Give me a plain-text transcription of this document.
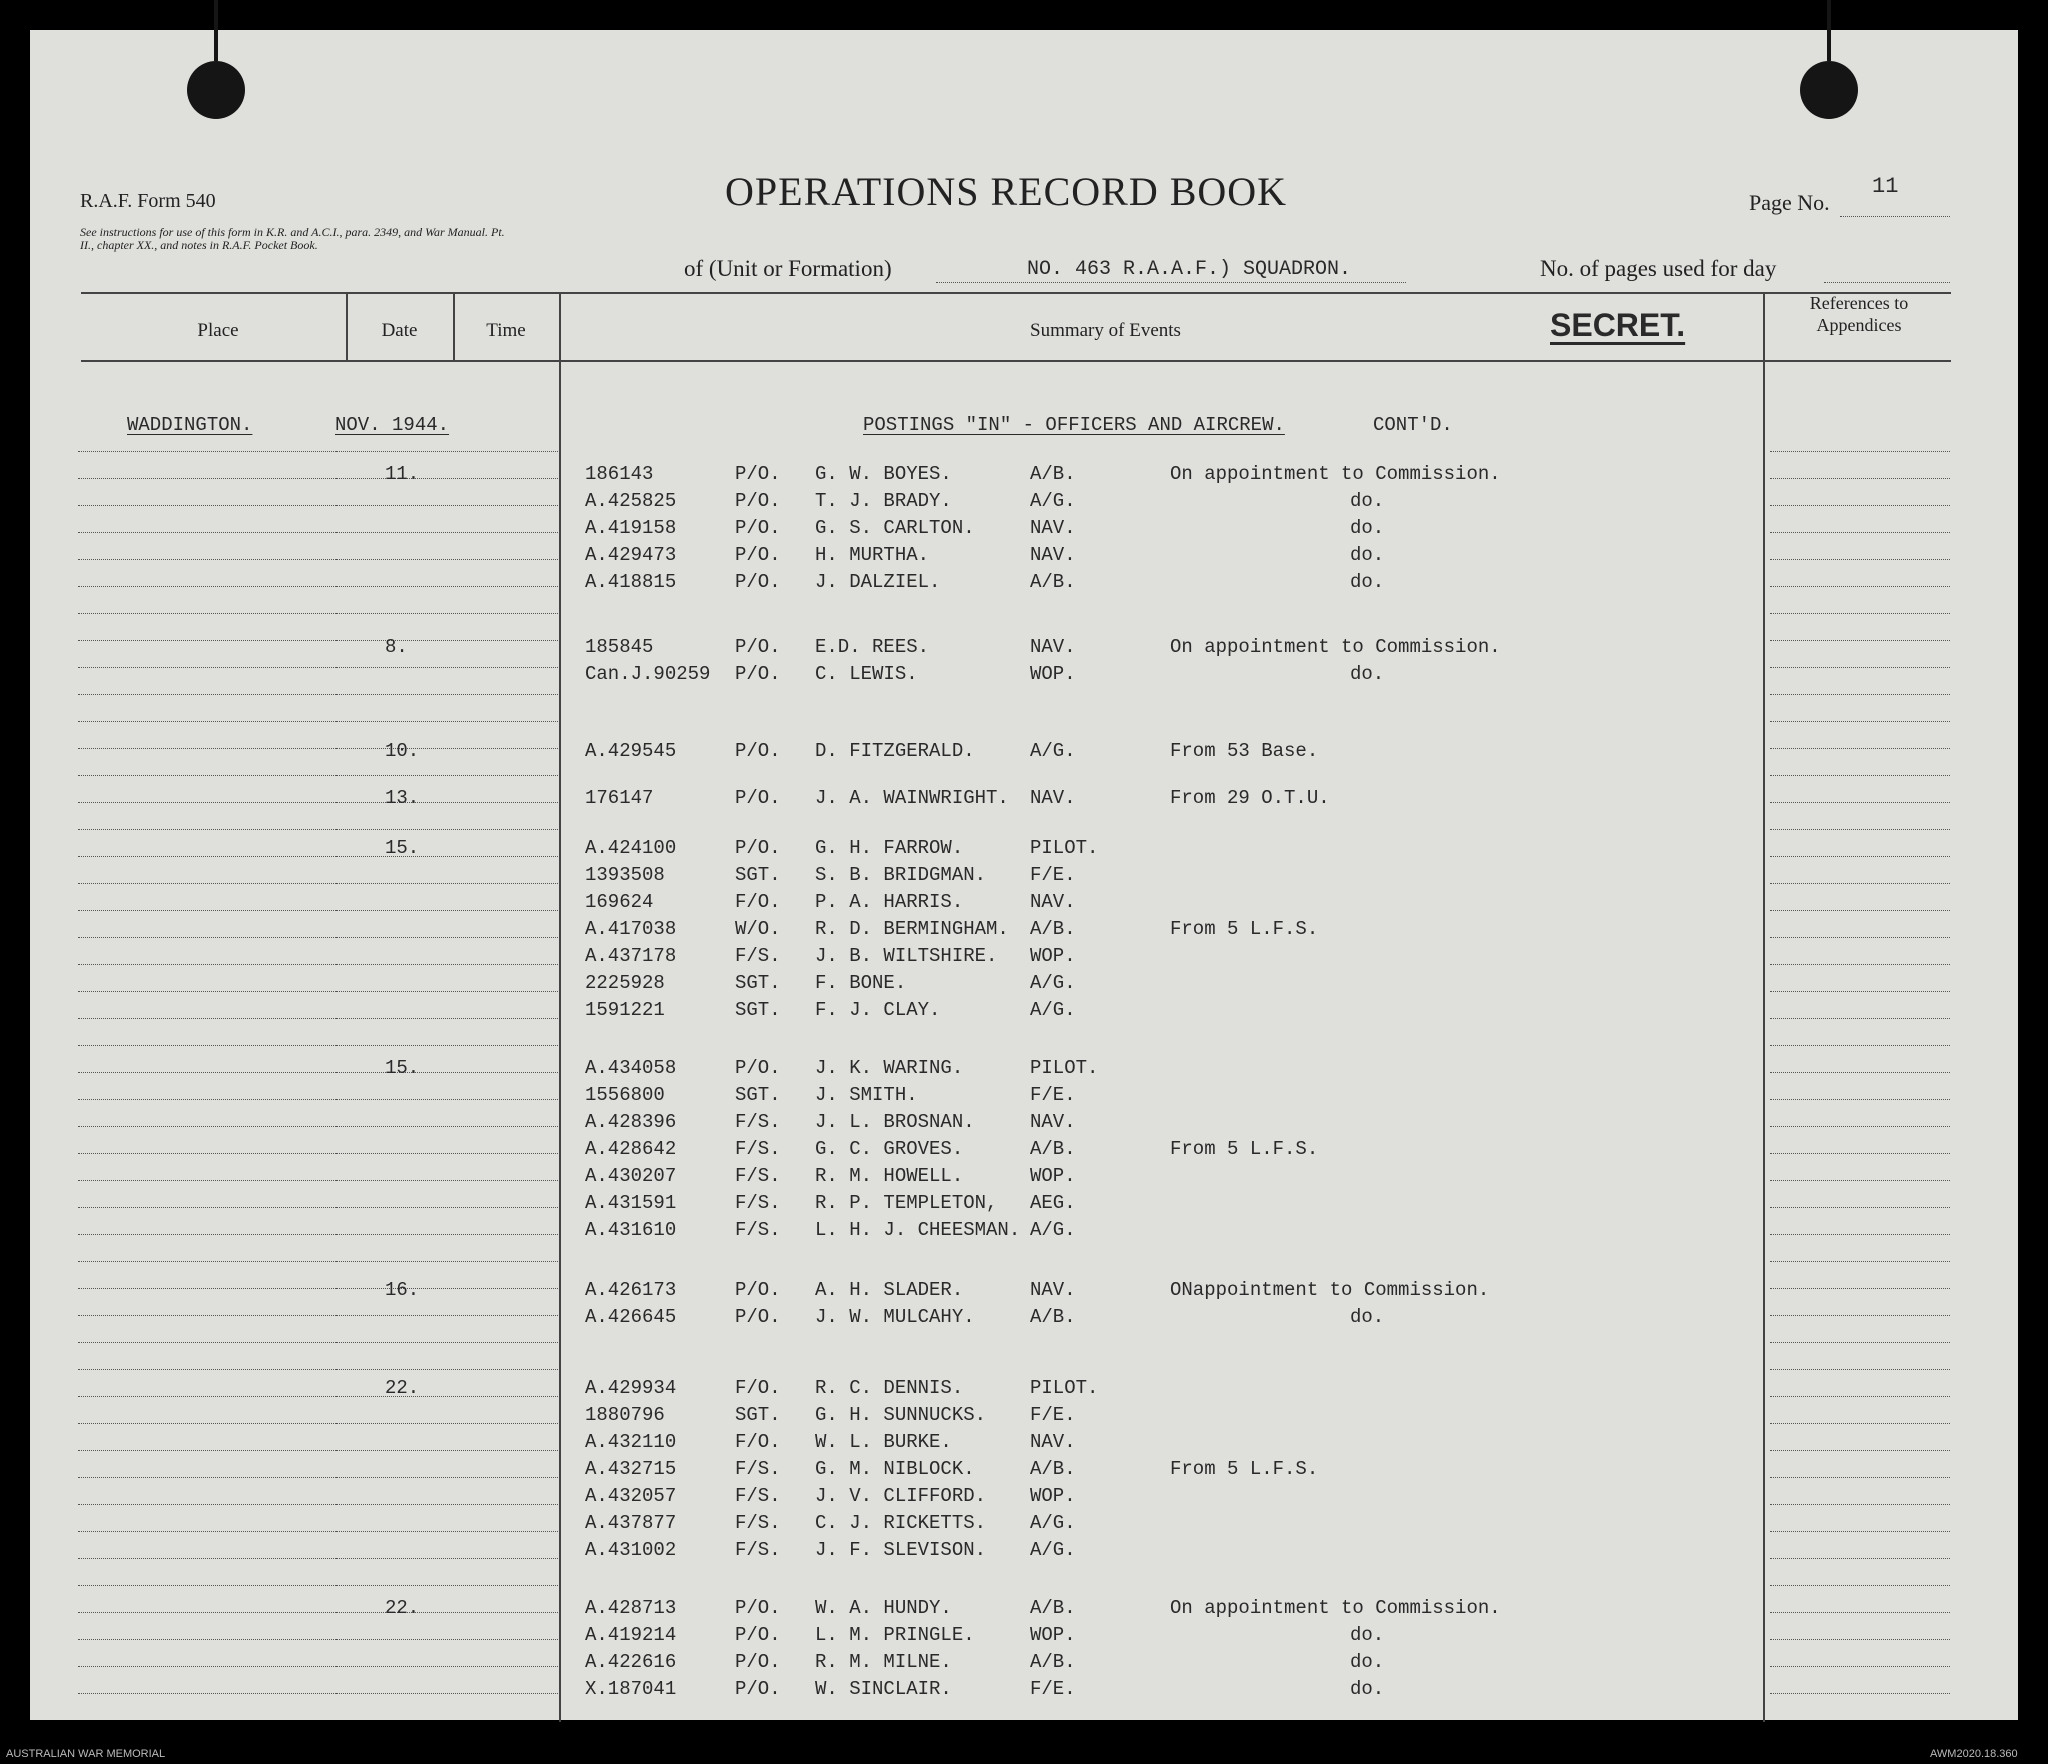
R.A.F. Form 540
See instructions for use of this form in K.R. and A.C.I., para. 2349, and War Manual. Pt. II., chapter XX., and notes in R.A.F. Pocket Book.
OPERATIONS RECORD BOOK	Page No.
11
of (Unit or Formation)	NO. 463 R.A.A.F.) SQUADRON.	No. of pages used for day
Place	Date	Time	Summary of Events	SECRET.
References to Appendices
WADDINGTON.	NOV. 1944.	POSTINGS "IN" - OFFICERS AND AIRCREW.	CONT'D.
11.	186143	P/O. G. W. BOYES.	A/B.	On appointment to Commission.
A.425825	P/O. T. J. BRADY.	A/G.	do.
A.419158	P/O. G. S. CARLTON.	NAV.	do.
A.429473	P/O. H. MURTHA.	NAV.	do.
A.418815	P/O. J. DALZIEL.	A/B.	do.
8.	185845	P/O. E.D. REES.	NAV.	On appointment to Commission.
Can.J.90259 P/O. C. LEWIS.	WOP.	do.
10.	A.429545	P/O. D. FITZGERALD.	A/G.	From 53 Base.
13.	176147	P/O. J. A. WAINWRIGHT. NAV.	From 29 O.T.U.
15.	A.424100	P/O. G. H. FARROW.	PILOT.
1393508	SGT. S. B. BRIDGMAN. F/E.
169624	F/O. P. A. HARRIS.	NAV.
A.417038	W/O. R. D. BERMINGHAM. A/B.	From 5 L.F.S.
A.437178	F/S. J. B. WILTSHIRE. WOP.
2225928	SGT. F. BONE.	A/G.
1591221	SGT. F. J. CLAY.	A/G.
15.	A.434058	P/O. J. K. WARING.	PILOT.
1556800	SGT. J. SMITH.	F/E.
A.428396	F/S. J. L. BROSNAN.	NAV.
A.428642	F/S. G. C. GROVES.	A/B.	From 5 L.F.S.
A.430207	F/S. R. M. HOWELL.	WOP.
A.431591	F/S. R. P. TEMPLETON, AEG.
A.431610	F/S. L. H. J. CHEESMAN. A/G.
16.	A.426173	P/O. A. H. SLADER.	NAV.	ONappointment to Commission.
A.426645	P/O. J. W. MULCAHY.	A/B.	do.
22.	A.429934	F/O. R. C. DENNIS.	PILOT.
1880796	SGT. G. H. SUNNUCKS. F/E.
A.432110	F/O. W. L. BURKE.	NAV.
A.432715	F/S. G. M. NIBLOCK.	A/B.	From 5 L.F.S.
A.432057	F/S. J. V. CLIFFORD. WOP.
A.437877	F/S. C. J. RICKETTS. A/G.
A.431002	F/S. J. F. SLEVISON. A/G.
22.	A.428713	P/O. W. A. HUNDY.	A/B.	On appointment to Commission.
A.419214	P/O. L. M. PRINGLE.	WOP.	do.
A.422616	P/O. R. M. MILNE.	A/B.	do.
X.187041	P/O. W. SINCLAIR.	F/E.	do.
AUSTRALIAN WAR MEMORIAL	AWM2020.18.360
